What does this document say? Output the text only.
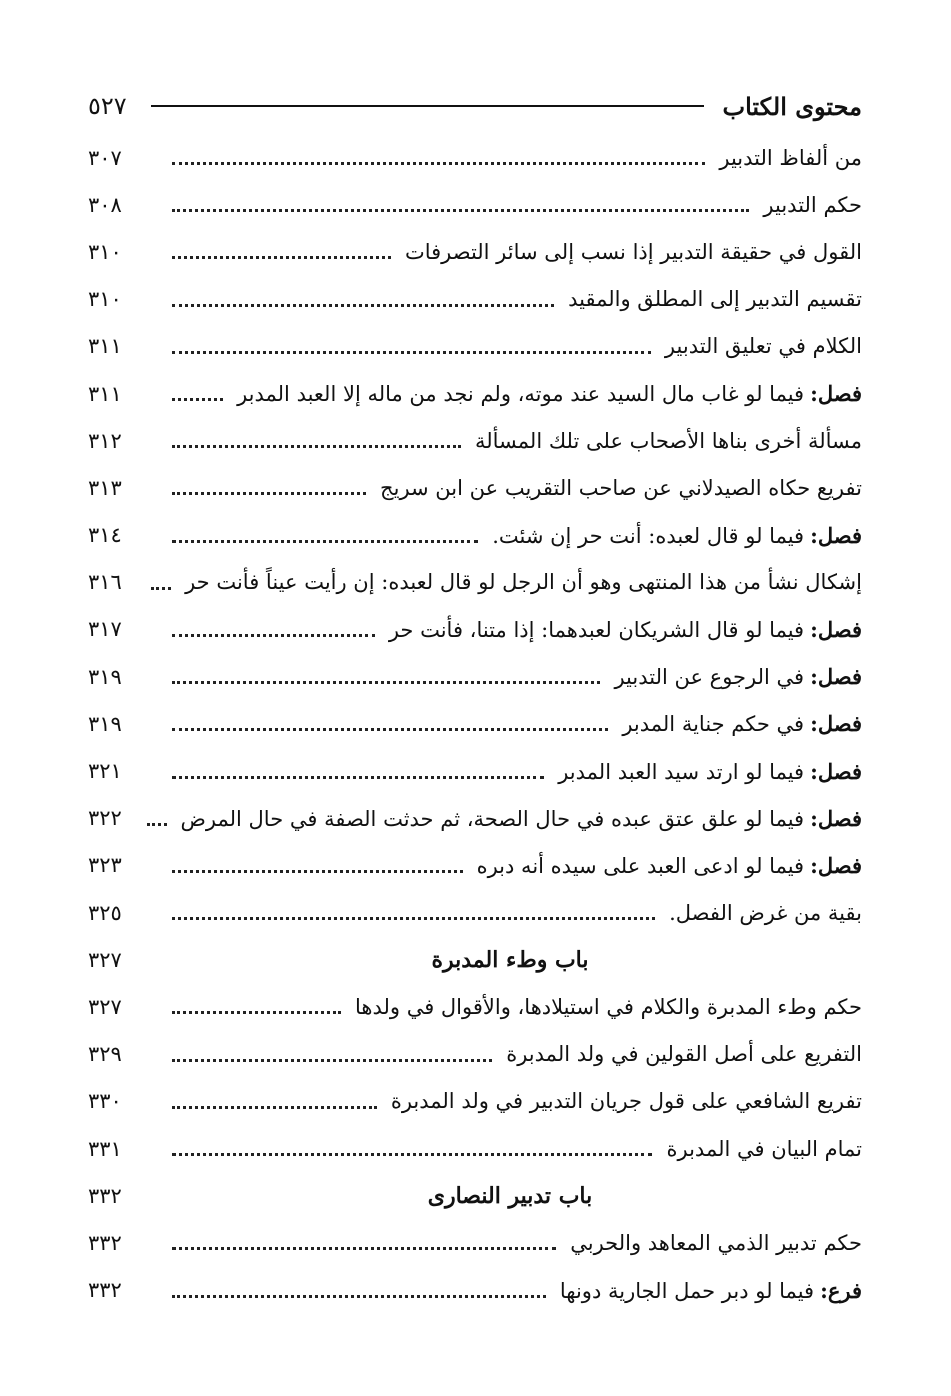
محتوى الكتاب
٥٢٧
من ألفاظ التدبير
٣٠٧
حكم التدبير
٣٠٨
القول في حقيقة التدبير إذا نسب إلى سائر التصرفات
٣١٠
تقسيم التدبير إلى المطلق والمقيد
٣١٠
الكلام في تعليق التدبير
٣١١
فصل:فيما لو غاب مال السيد عند موته، ولم نجد من ماله إلا العبد المدبر
٣١١
مسألة أخرى بناها الأصحاب على تلك المسألة
٣١٢
تفريع حكاه الصيدلاني عن صاحب التقريب عن ابن سريج
٣١٣
فصل:فيما لو قال لعبده: أنت حر إن شئت.
٣١٤
إشكال نشأ من هذا المنتهى وهو أن الرجل لو قال لعبده: إن رأيت عيناً فأنت حر
٣١٦
فصل:فيما لو قال الشريكان لعبدهما: إذا متنا، فأنت حر
٣١٧
فصل:في الرجوع عن التدبير
٣١٩
فصل:في حكم جناية المدبر
٣١٩
فصل:فيما لو ارتد سيد العبد المدبر
٣٢١
فصل:فيما لو علق عتق عبده في حال الصحة، ثم حدثت الصفة في حال المرض
٣٢٢
فصل:فيما لو ادعى العبد على سيده أنه دبره
٣٢٣
بقية من غرض الفصل.
٣٢٥
باب وطء المدبرة
٣٢٧
حكم وطء المدبرة والكلام في استيلادها، والأقوال في ولدها
٣٢٧
التفريع على أصل القولين في ولد المدبرة
٣٢٩
تفريع الشافعي على قول جريان التدبير في ولد المدبرة
٣٣٠
تمام البيان في المدبرة
٣٣١
باب تدبير النصارى
٣٣٢
حكم تدبير الذمي المعاهد والحربي
٣٣٢
فرع:فيما لو دبر حمل الجارية دونها
٣٣٢
